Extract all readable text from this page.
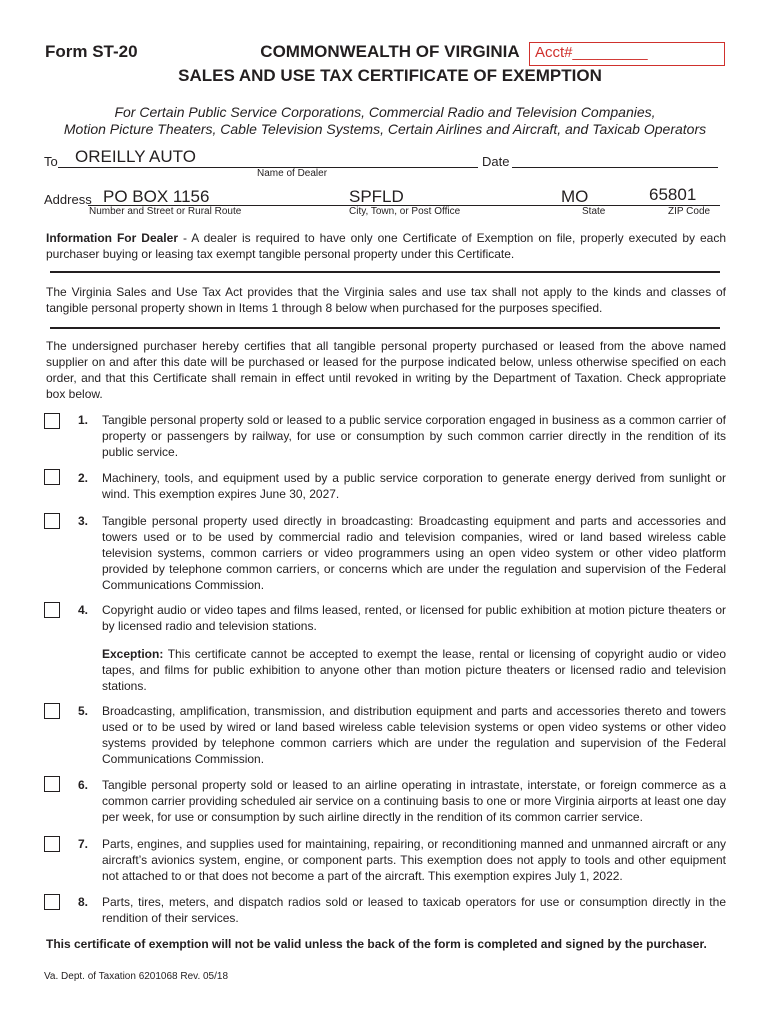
Form ST-20	COMMONWEALTH OF VIRGINIA
SALES AND USE TAX CERTIFICATE OF EXEMPTION
Acct#_________
For Certain Public Service Corporations, Commercial Radio and Television Companies,
Motion Picture Theaters, Cable Television Systems, Certain Airlines and Aircraft, and Taxicab Operators
To OREILLY AUTO
Name of Dealer
Date
Address PO BOX 1156
Number and Street or Rural Route
SPFLD
City, Town, or Post Office
MO
State
65801
ZIP Code
Information For Dealer - A dealer is required to have only one Certificate of Exemption on file, properly executed by each purchaser buying or leasing tax exempt tangible personal property under this Certificate.
The Virginia Sales and Use Tax Act provides that the Virginia sales and use tax shall not apply to the kinds and classes of tangible personal property shown in Items 1 through 8 below when purchased for the purposes specified.
The undersigned purchaser hereby certifies that all tangible personal property purchased or leased from the above named supplier on and after this date will be purchased or leased for the purpose indicated below, unless otherwise specified on each order, and that this Certificate shall remain in effect until revoked in writing by the Department of Taxation. Check appropriate box below.
1. Tangible personal property sold or leased to a public service corporation engaged in business as a common carrier of property or passengers by railway, for use or consumption by such common carrier directly in the rendition of its public service.
2. Machinery, tools, and equipment used by a public service corporation to generate energy derived from sunlight or wind. This exemption expires June 30, 2027.
3. Tangible personal property used directly in broadcasting: Broadcasting equipment and parts and accessories and towers used or to be used by commercial radio and television companies, wired or land based wireless cable television systems, common carriers or video programmers using an open video system or other video platform provided by telephone common carriers, or concerns which are under the regulation and supervision of the Federal Communications Commission.
4. Copyright audio or video tapes and films leased, rented, or licensed for public exhibition at motion picture theaters or by licensed radio and television stations.
Exception: This certificate cannot be accepted to exempt the lease, rental or licensing of copyright audio or video tapes, and films for public exhibition to anyone other than motion picture theaters or licensed radio and television stations.
5. Broadcasting, amplification, transmission, and distribution equipment and parts and accessories thereto and towers used or to be used by wired or land based wireless cable television systems or open video systems or other video systems provided by telephone common carriers which are under the regulation and supervision of the Federal Communications Commission.
6. Tangible personal property sold or leased to an airline operating in intrastate, interstate, or foreign commerce as a common carrier providing scheduled air service on a continuing basis to one or more Virginia airports at least one day per week, for use or consumption by such airline directly in the rendition of its common carrier service.
7. Parts, engines, and supplies used for maintaining, repairing, or reconditioning manned and unmanned aircraft or any aircraft’s avionics system, engine, or component parts. This exemption does not apply to tools and other equipment not attached to or that does not become a part of the aircraft. This exemption expires July 1, 2022.
8. Parts, tires, meters, and dispatch radios sold or leased to taxicab operators for use or consumption directly in the rendition of their services.
This certificate of exemption will not be valid unless the back of the form is completed and signed by the purchaser.
Va. Dept. of Taxation 6201068 Rev. 05/18
